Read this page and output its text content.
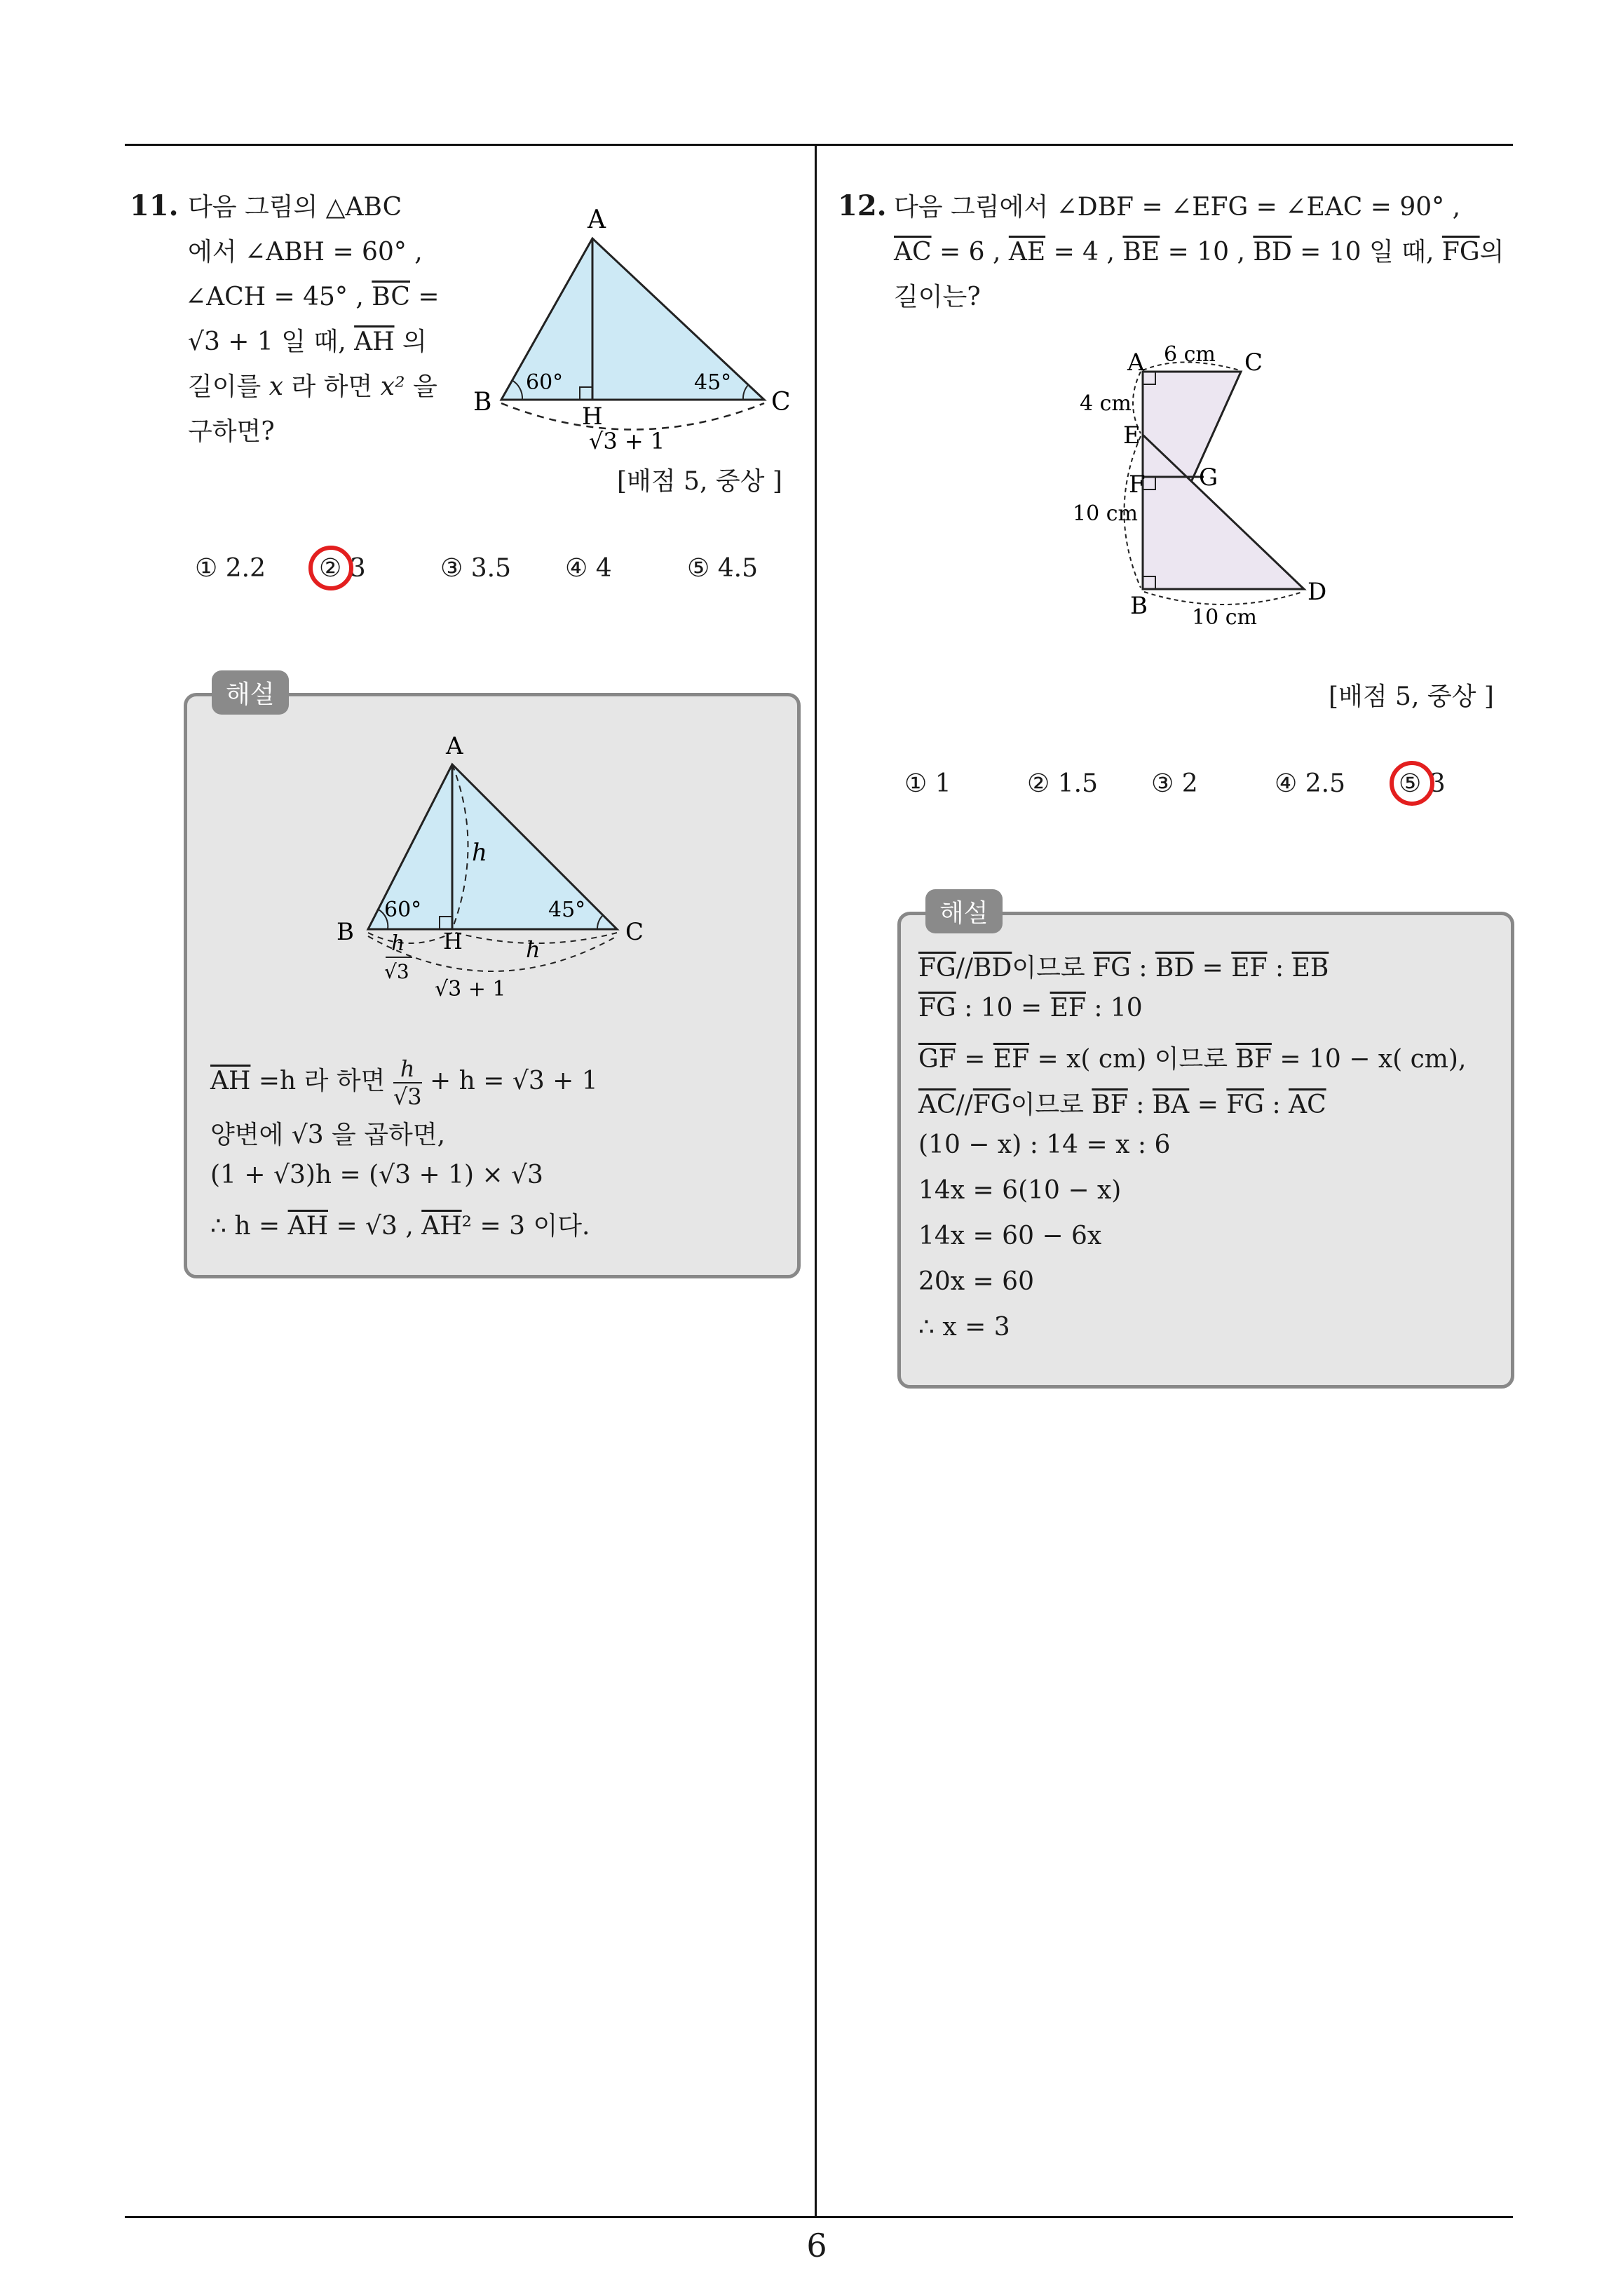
6
11. 다음 그림의 △ABC
에서 ∠ABH = 60° ,
∠ACH = 45° , $\overline{BC}$ =
√3 + 1 일 때, $\overline{AH}$ 의
길이를 x 라 하면 x² 을
구하면?
A
B	C
H
60°	45°
√3 + 1
[배점 5, 중상 ]
① 2.2 ② 3	③ 3.5 ④ 4	⑤ 4.5
해설
A
B	C
H
h
60°	45°
h
h
√3
√3 + 1
$\overline{AH} =h$ 라 하면 $\frac{h}{√3} + h = √3 + 1$
양변에 √3 을 곱하면,
(1 + √3)h = (√3 + 1) × √3
∴ $h = \overline{AH} = √3$ , $\overline{AH}^2 = 3$ 이다.
12. 다음 그림에서 ∠DBF = ∠EFG = ∠EAC = 90° ,
$\overline{AC} = 6$ , $\overline{AE} = 4$ , $\overline{BE} = 10$ , $\overline{BD} = 10$ 일 때, $\overline{FG}$의
길이는?
A	C
E
F G
B	D
6 cm
4 cm
10 cm
10 cm
[배점 5, 중상 ]
① 1	② 1.5 ③ 2	④ 2.5 ⑤ 3
해설
$\overline{FG}//\overline{BD}$이므로 $\overline{FG}$ : $\overline{BD} = \overline{EF}$ : $\overline{EB}$
$\overline{FG}$ : $10 = \overline{EF}$ : 10
$\overline{GF} = \overline{EF} = x$( cm) 이므로 $\overline{BF} = 10 - x$( cm),
$\overline{AC}//\overline{FG}$이므로 $\overline{BF}$ : $\overline{BA} = \overline{FG}$ : $\overline{AC}$
(10 − x) : 14 = x : 6
14x = 6(10 − x)
14x = 60 − 6x
20x = 60
∴ x = 3
